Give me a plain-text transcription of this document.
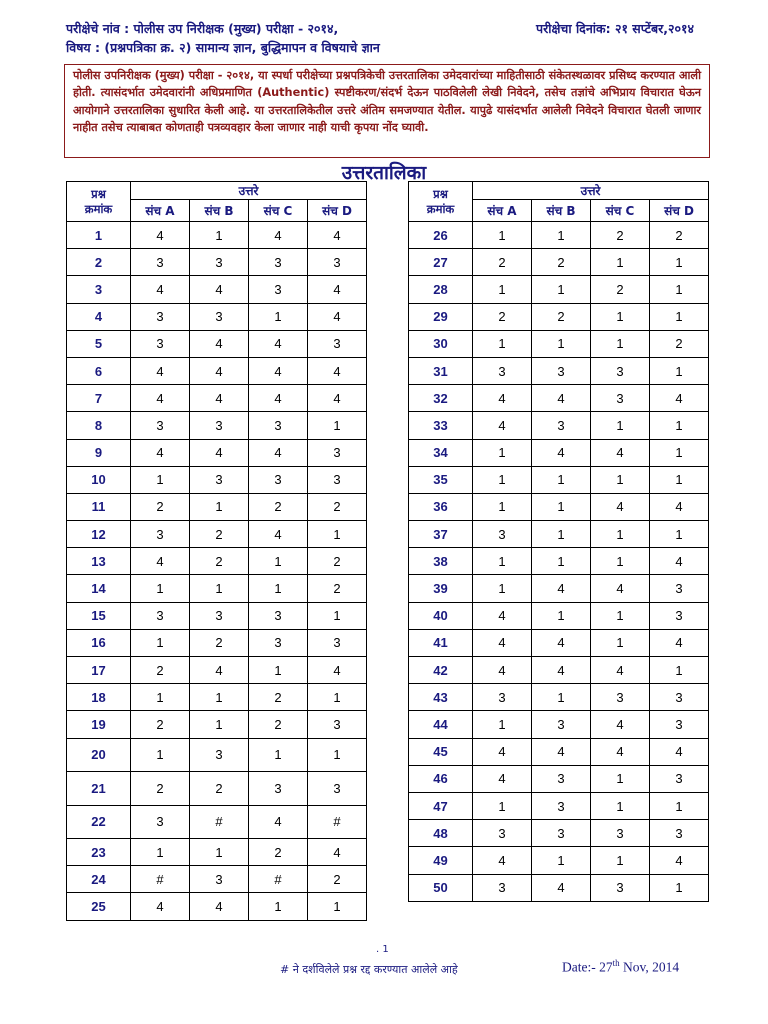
परीक्षेचे नांव : पोलीस उप निरीक्षक (मुख्य) परीक्षा - २०१४,	परीक्षेचा दिनांक: २१ सप्टेंबर,२०१४
विषय : (प्रश्नपत्रिका क्र. २) सामान्य ज्ञान, बुद्धिमापन व विषयाचे ज्ञान
पोलीस उपनिरीक्षक (मुख्य) परीक्षा - २०१४, या स्पर्धा परीक्षेच्या प्रश्नपत्रिकेची उत्तरतालिका उमेदवारांच्या माहितीसाठी संकेतस्थळावर प्रसिध्द करण्यात आली होती. त्यासंदर्भात उमेदवारांनी अधिप्रमाणित (Authentic) स्पष्टीकरण/संदर्भ देऊन पाठविलेली लेखी निवेदने, तसेच तज्ञांचे अभिप्राय विचारात घेऊन आयोगाने उत्तरतालिका सुधारित केली आहे. या उत्तरतालिकेतील उत्तरे अंतिम समजण्यात येतील. यापुढे यासंदर्भात आलेली निवेदने विचारात घेतली जाणार नाहीत तसेच त्याबाबत कोणताही पत्रव्यवहार केला जाणार नाही याची कृपया नोंद घ्यावी.
उत्तरतालिका
प्रश्न
क्रमांक	उत्तरे			
	संच A	संच B	संच C	संच D
1	4	1	4	4
2	3	3	3	3
3	4	4	3	4
4	3	3	1	4
5	3	4	4	3
6	4	4	4	4
7	4	4	4	4
8	3	3	3	1
9	4	4	4	3
10	1	3	3	3
11	2	1	2	2
12	3	2	4	1
13	4	2	1	2
14	1	1	1	2
15	3	3	3	1
16	1	2	3	3
17	2	4	1	4
18	1	1	2	1
19	2	1	2	3
20	1	3	1	1
21	2	2	3	3
22	3	#	4	#
23	1	1	2	4
24	#	3	#	2
25	4	4	1	1
प्रश्न
क्रमांक	उत्तरे			
	संच A	संच B	संच C	संच D
26	1	1	2	2
27	2	2	1	1
28	1	1	2	1
29	2	2	1	1
30	1	1	1	2
31	3	3	3	1
32	4	4	3	4
33	4	3	1	1
34	1	4	4	1
35	1	1	1	1
36	1	1	4	4
37	3	1	1	1
38	1	1	1	4
39	1	4	4	3
40	4	1	1	3
41	4	4	1	4
42	4	4	4	1
43	3	1	3	3
44	1	3	4	3
45	4	4	4	4
46	4	3	1	3
47	1	3	1	1
48	3	3	3	3
49	4	1	1	4
50	3	4	3	1
. 1
# ने दर्शविलेले प्रश्न रद्द करण्यात आलेले आहे	Date:- 27th Nov, 2014
